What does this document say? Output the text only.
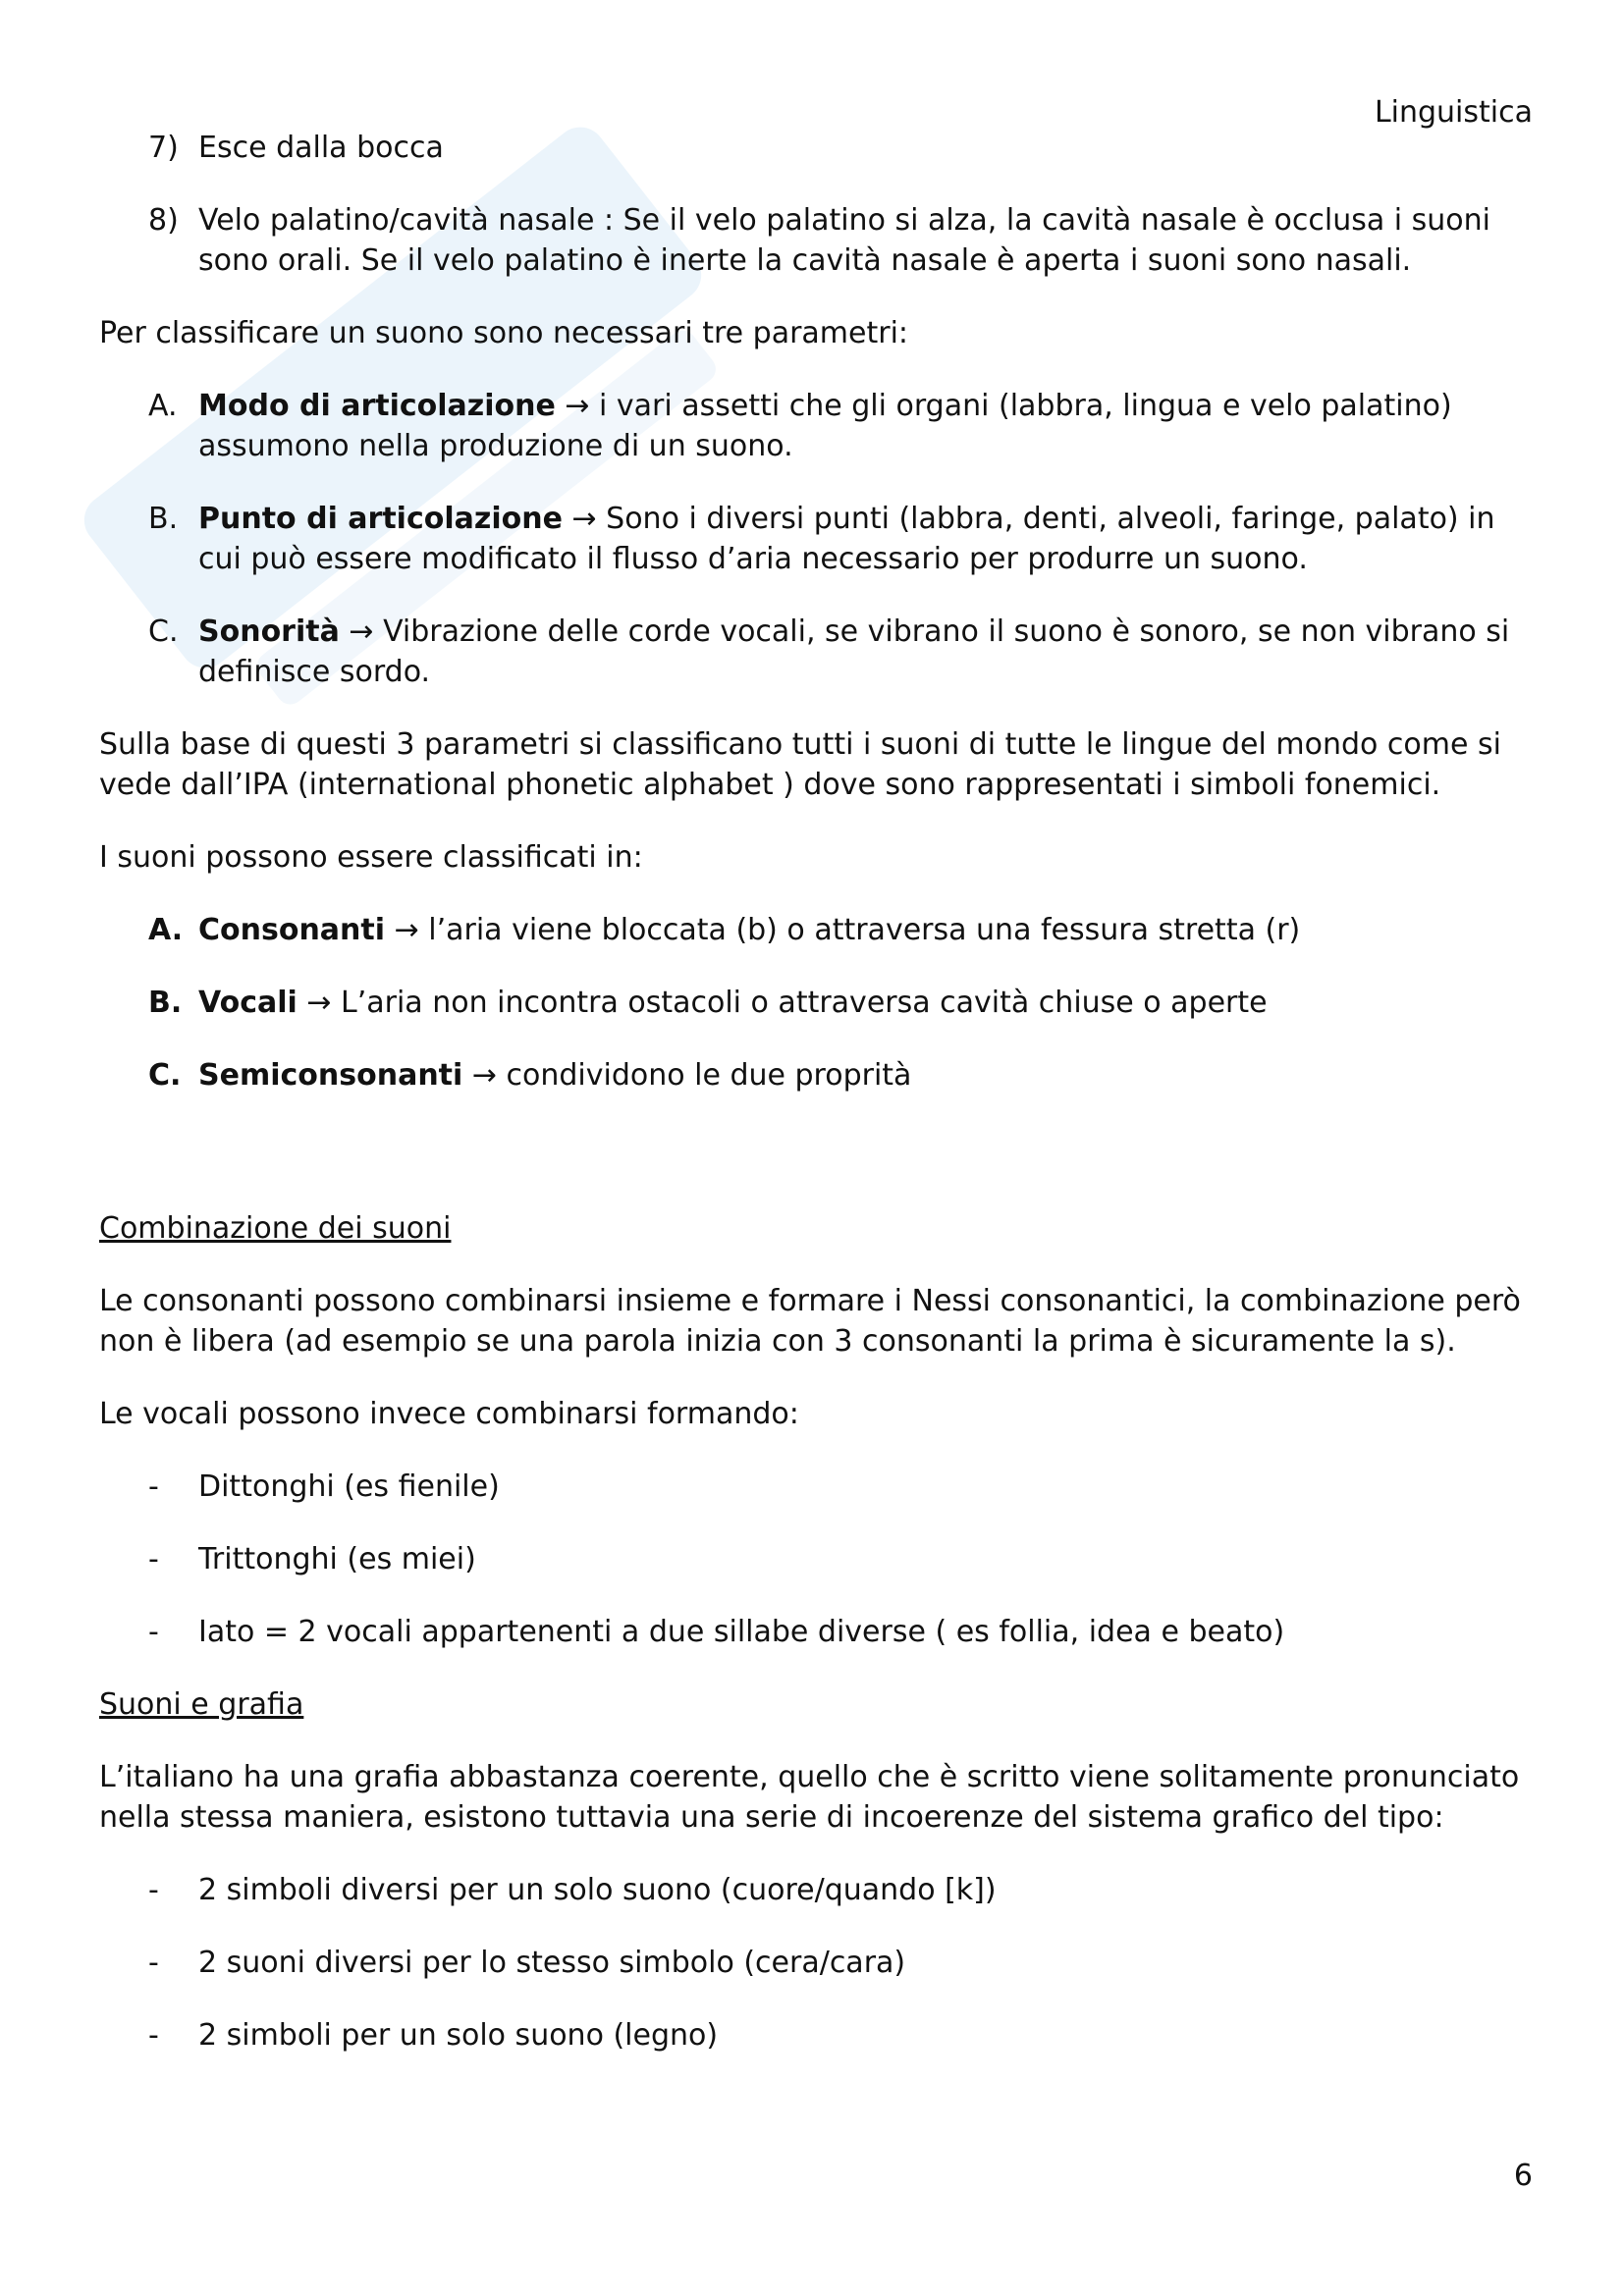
Linguistica
7) Esce dalla bocca

8) Velo palatino/cavità nasale : Se il velo palatino si alza, la cavità nasale è occlusa i suoni sono orali. Se il velo palatino è inerte la cavità nasale è aperta i suoni sono nasali.

Per classificare un suono sono necessari tre parametri:

A. Modo di articolazione → i vari assetti che gli organi (labbra, lingua e velo palatino) assumono nella produzione di un suono.

B. Punto di articolazione → Sono i diversi punti (labbra, denti, alveoli, faringe, palato) in cui può essere modificato il flusso d’aria necessario per produrre un suono.

C. Sonorità → Vibrazione delle corde vocali, se vibrano il suono è sonoro, se non vibrano si definisce sordo.

Sulla base di questi 3 parametri si classificano tutti i suoni di tutte le lingue del mondo come si vede dall’IPA (international phonetic alphabet ) dove sono rappresentati i simboli fonemici.

I suoni possono essere classificati in:

A. Consonanti → l’aria viene bloccata (b) o attraversa una fessura stretta (r)

B. Vocali → L’aria non incontra ostacoli o attraversa cavità chiuse o aperte

C. Semiconsonanti → condividono le due proprità

Combinazione dei suoni

Le consonanti possono combinarsi insieme e formare i Nessi consonantici, la combinazione però non è libera (ad esempio se una parola inizia con 3 consonanti la prima è sicuramente la s).

Le vocali possono invece combinarsi formando:

- Dittonghi (es fienile)

- Trittonghi (es miei)

- Iato = 2 vocali appartenenti a due sillabe diverse ( es follia, idea e beato)

Suoni e grafia

L’italiano ha una grafia abbastanza coerente, quello che è scritto viene solitamente pronunciato nella stessa maniera, esistono tuttavia una serie di incoerenze del sistema grafico del tipo:

- 2 simboli diversi per un solo suono (cuore/quando [k])

- 2 suoni diversi per lo stesso simbolo (cera/cara)

- 2 simboli per un solo suono (legno)

6
